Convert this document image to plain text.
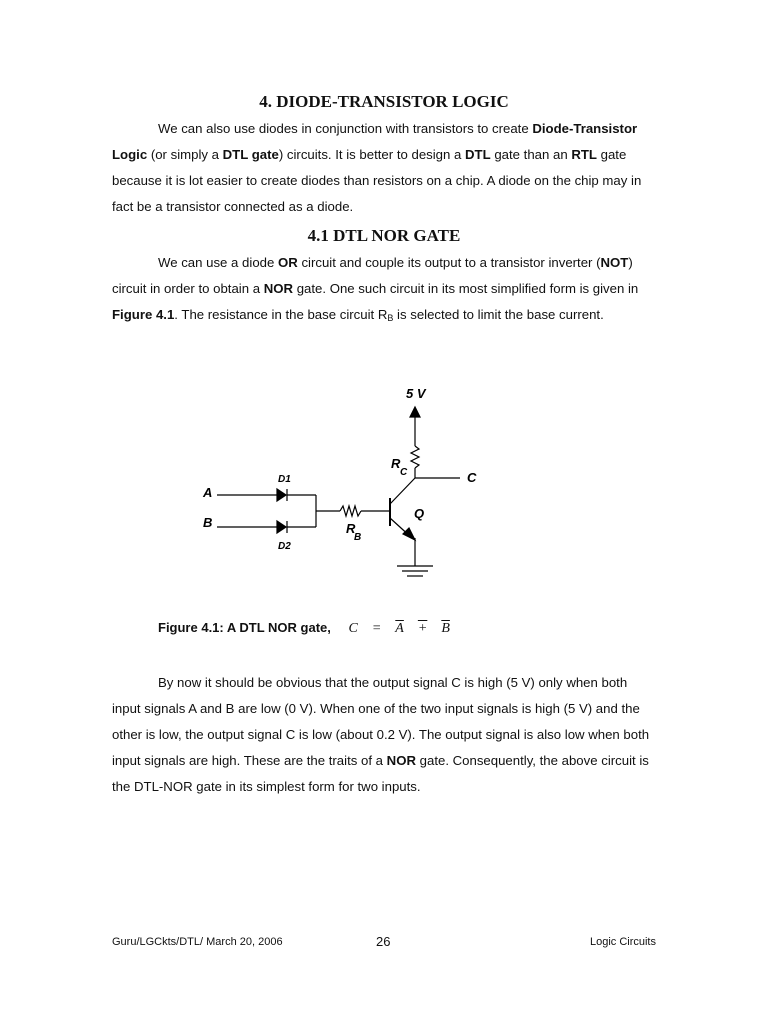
4. DIODE-TRANSISTOR LOGIC

We can also use diodes in conjunction with transistors to create Diode-Transistor Logic (or simply a DTL gate) circuits. It is better to design a DTL gate than an RTL gate because it is lot easier to create diodes than resistors on a chip. A diode on the chip may in fact be a transistor connected as a diode.

4.1 DTL NOR GATE

We can use a diode OR circuit and couple its output to a transistor inverter (NOT) circuit in order to obtain a NOR gate. One such circuit in its most simplified form is given in Figure 4.1. The resistance in the base circuit $R_B$ is selected to limit the base current.

5 V
R
C	C
A
B
D1
D2
R
B
Q
Figure 4.1: A DTL NOR gate, C = A + B

By now it should be obvious that the output signal C is high (5 V) only when both input signals A and B are low (0 V). When one of the two input signals is high (5 V) and the other is low, the output signal C is low (about 0.2 V). The output signal is also low when both input signals are high. These are the traits of a NOR gate. Consequently, the above circuit is the DTL-NOR gate in its simplest form for two inputs.

Guru/LGCkts/DTL/ March 20, 2006	26	Logic Circuits
